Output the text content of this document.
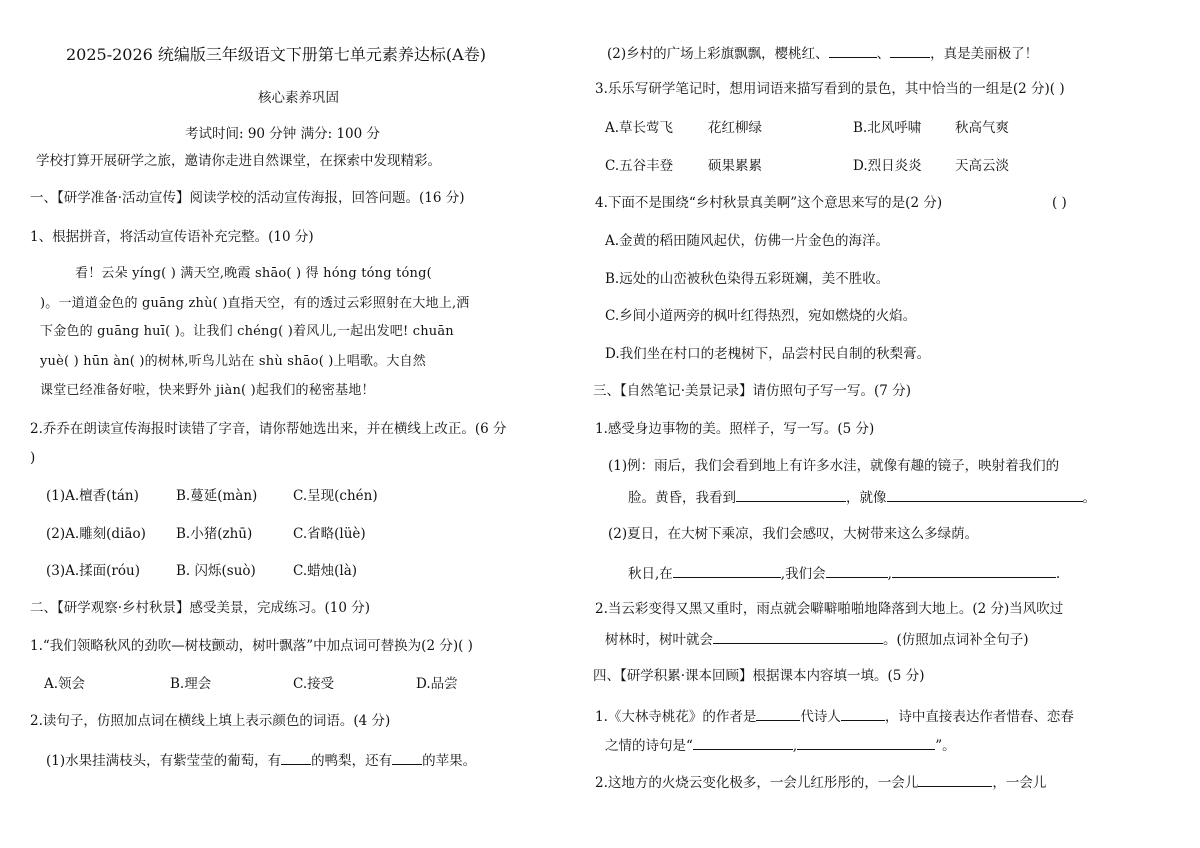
2025-2026 统编版三年级语文下册第七单元素养达标(A卷)
核心素养巩固
考试时间: 90 分钟 满分: 100 分
学校打算开展研学之旅，邀请你走进自然课堂，在探索中发现精彩。
一、【研学准备·活动宣传】阅读学校的活动宣传海报，回答问题。(16 分)
1、根据拼音，将活动宣传语补充完整。(10 分)
看！云朵 yíng( ) 满天空,晚霞 shāo( ) 得 hóng tóng tóng(
)。一道道金色的 guāng zhù( )直指天空，有的透过云彩照射在大地上,洒
下金色的 guāng huī( )。让我们 chéng( )着风儿,一起出发吧! chuān
yuè( ) hūn àn( )的树林,听鸟儿站在 shù shāo( )上唱歌。大自然
课堂已经准备好啦，快来野外 jiàn( )起我们的秘密基地！
2.乔乔在朗读宣传海报时读错了字音，请你帮她选出来，并在横线上改正。(6 分
)
(1)A.檀香(tán)	B.蔓延(màn)	C.呈现(chén)
(2)A.雕刻(diāo) B.小猪(zhū)	C.省略(lüè)
(3)A.揉面(róu)	B. 闪烁(suò)	C.蜡烛(là)
二、【研学观察·乡村秋景】感受美景，完成练习。(10 分)
1.“我们领略秋风的劲吹—树枝颤动，树叶飘落”中加点词可替换为(2 分)( )
A.领会	B.理会	C.接受	D.品尝
2.读句子，仿照加点词在横线上填上表示颜色的词语。(4 分)
(1)水果挂满枝头，有紫莹莹的葡萄，有 的鸭梨，还有 的苹果。
(2)乡村的广场上彩旗飘飘，樱桃红、	、	，真是美丽极了！
3.乐乐写研学笔记时，想用词语来描写看到的景色，其中恰当的一组是(2 分)( )
A.草长莺飞	花红柳绿	B.北风呼啸	秋高气爽
C.五谷丰登	硕果累累	D.烈日炎炎 天高云淡
4.下面不是围绕“乡村秋景真美啊”这个意思来写的是(2 分)	( )
A.金黄的稻田随风起伏，仿佛一片金色的海洋。
B.远处的山峦被秋色染得五彩斑斓，美不胜收。
C.乡间小道两旁的枫叶红得热烈，宛如燃烧的火焰。
D.我们坐在村口的老槐树下，品尝村民自制的秋梨膏。
三、【自然笔记·美景记录】请仿照句子写一写。(7 分)
1.感受身边事物的美。照样子，写一写。(5 分)
(1)例：雨后，我们会看到地上有许多水洼，就像有趣的镜子，映射着我们的
脸。黄昏，我看到	，就像	。
(2)夏日，在大树下乘凉，我们会感叹，大树带来这么多绿荫。
秋日,在	,我们会	,	.
2.当云彩变得又黑又重时，雨点就会噼噼啪啪地降落到大地上。(2 分)当风吹过
树林时，树叶就会	。(仿照加点词补全句子)
四、【研学积累·课本回顾】根据课本内容填一填。(5 分)
1.《大林寺桃花》的作者是	代诗人	，诗中直接表达作者惜春、恋春
之情的诗句是“	,	”。
2.这地方的火烧云变化极多，一会儿红彤彤的，一会儿	，一会儿
